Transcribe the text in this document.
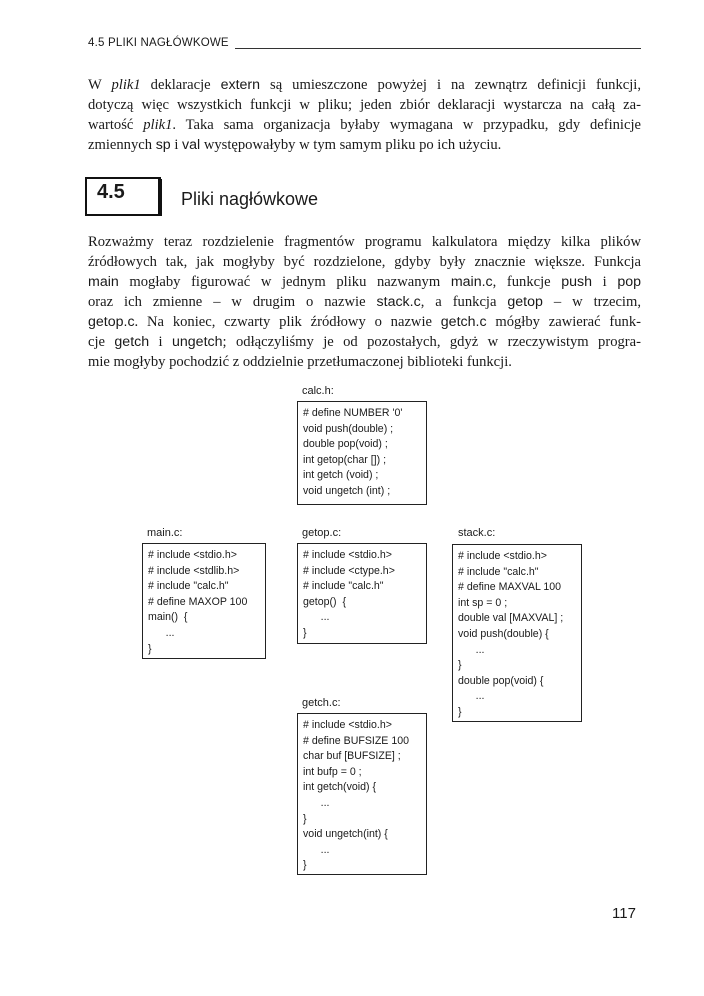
4.5 PLIKI NAGŁÓWKOWE
W plik1 deklaracje extern są umieszczone powyżej i na zewnątrz definicji funkcji,
dotyczą więc wszystkich funkcji w pliku; jeden zbiór deklaracji wystarcza na całą za-
wartość plik1. Taka sama organizacja byłaby wymagana w przypadku, gdy definicje
zmiennych sp i val występowałyby w tym samym pliku po ich użyciu.
4.5	Pliki nagłówkowe
Rozważmy teraz rozdzielenie fragmentów programu kalkulatora między kilka plików
źródłowych tak, jak mogłyby być rozdzielone, gdyby były znacznie większe. Funkcja
main mogłaby figurować w jednym pliku nazwanym main.c, funkcje push i pop
oraz ich zmienne – w drugim o nazwie stack.c, a funkcja getop – w trzecim,
getop.c. Na koniec, czwarty plik źródłowy o nazwie getch.c mógłby zawierać funk-
cje getch i ungetch; odłączyliśmy je od pozostałych, gdyż w rzeczywistym progra-
mie mogłyby pochodzić z oddzielnie przetłumaczonej biblioteki funkcji.
calc.h:
# define NUMBER '0'
void push(double) ;
double pop(void) ;
int getop(char []) ;
int getch (void) ;
void ungetch (int) ;
main.c:
# include <stdio.h>
# include <stdlib.h>
# include "calc.h"
# define MAXOP 100
main()  {
...
}
getop.c:
# include <stdio.h>
# include <ctype.h>
# include "calc.h"
getop()  {
...
}
stack.c:
# include <stdio.h>
# include "calc.h"
# define MAXVAL 100
int sp = 0 ;
double val [MAXVAL] ;
void push(double) {
...
}
double pop(void) {
...
}
getch.c:
# include <stdio.h>
# define BUFSIZE 100
char buf [BUFSIZE] ;
int bufp = 0 ;
int getch(void) {
...
}
void ungetch(int) {
...
}
117
